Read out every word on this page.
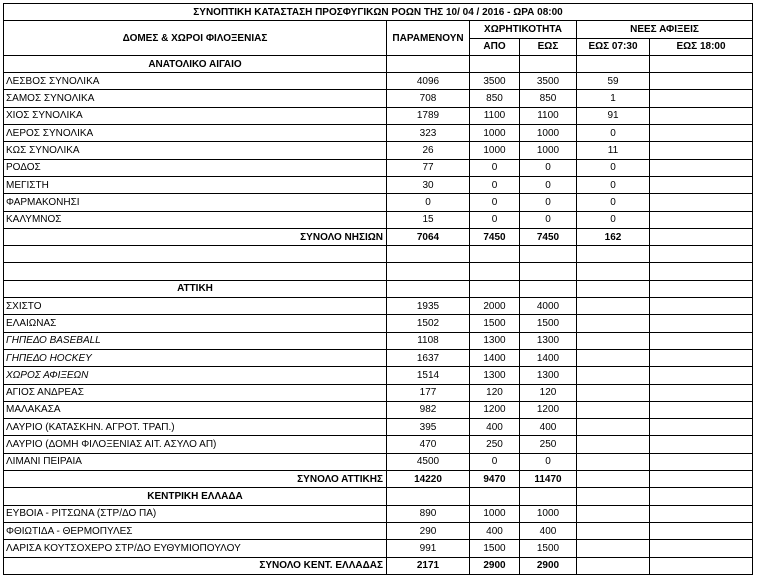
ΣΥΝΟΠΤΙΚΗ ΚΑΤΑΣΤΑΣΗ ΠΡΟΣΦΥΓΙΚΩΝ ΡΟΩΝ ΤΗΣ 10/ 04 / 2016 - ΩΡΑ 08:00					
ΔΟΜΕΣ & ΧΩΡΟΙ ΦΙΛΟΞΕΝΙΑΣ	ΠΑΡΑΜΕΝΟΥΝ	ΧΩΡΗΤΙΚΟΤΗΤΑ		ΝΕΕΣ ΑΦΙΞΕΙΣ	
		ΑΠΟ	ΕΩΣ	ΕΩΣ 07:30	ΕΩΣ 18:00
ΑΝΑΤΟΛΙΚΟ ΑΙΓΑΙΟ					
ΛΕΣΒΟΣ ΣΥΝΟΛΙΚΑ	4096	3500	3500	59	
ΣΑΜΟΣ ΣΥΝΟΛΙΚΑ	708	850	850	1	
ΧΙΟΣ ΣΥΝΟΛΙΚΑ	1789	1100	1100	91	
ΛΕΡΟΣ ΣΥΝΟΛΙΚΑ	323	1000	1000	0	
ΚΩΣ ΣΥΝΟΛΙΚΑ	26	1000	1000	11	
ΡΟΔΟΣ	77	0	0	0	
ΜΕΓΙΣΤΗ	30	0	0	0	
ΦΑΡΜΑΚΟΝΗΣΙ	0	0	0	0	
ΚΑΛΥΜΝΟΣ	15	0	0	0	
ΣΥΝΟΛΟ ΝΗΣΙΩΝ	7064	7450	7450	162	

ΑΤΤΙΚΗ					
ΣΧΙΣΤΟ	1935	2000	4000		
ΕΛΑΙΩΝΑΣ	1502	1500	1500		
ΓΗΠΕΔΟ BASEBALL	1108	1300	1300		
ΓΗΠΕΔΟ HOCKEY	1637	1400	1400		
ΧΩΡΟΣ ΑΦΙΞΕΩΝ	1514	1300	1300		
ΑΓΙΟΣ ΑΝΔΡΕΑΣ	177	120	120		
ΜΑΛΑΚΑΣΑ	982	1200	1200		
ΛΑΥΡΙΟ (ΚΑΤΑΣΚΗΝ. ΑΓΡΟΤ. ΤΡΑΠ.)	395	400	400		
ΛΑΥΡΙΟ (ΔΟΜΗ ΦΙΛΟΞΕΝΙΑΣ ΑΙΤ. ΑΣΥΛΟ ΑΠ)	470	250	250		
ΛΙΜΑΝΙ ΠΕΙΡΑΙΑ	4500	0	0		
ΣΥΝΟΛΟ ΑΤΤΙΚΗΣ	14220	9470	11470		
ΚΕΝΤΡΙΚΗ ΕΛΛΑΔΑ					
ΕΥΒΟΙΑ - ΡΙΤΣΩΝΑ (ΣΤΡ/ΔΟ ΠΑ)	890	1000	1000		
ΦΘΙΩΤΙΔΑ - ΘΕΡΜΟΠΥΛΕΣ	290	400	400		
ΛΑΡΙΣΑ ΚΟΥΤΣΟΧΕΡΟ ΣΤΡ/ΔΟ ΕΥΘΥΜΙΟΠΟΥΛΟΥ	991	1500	1500		
ΣΥΝΟΛΟ ΚΕΝΤ. ΕΛΛΑΔΑΣ	2171	2900	2900		
